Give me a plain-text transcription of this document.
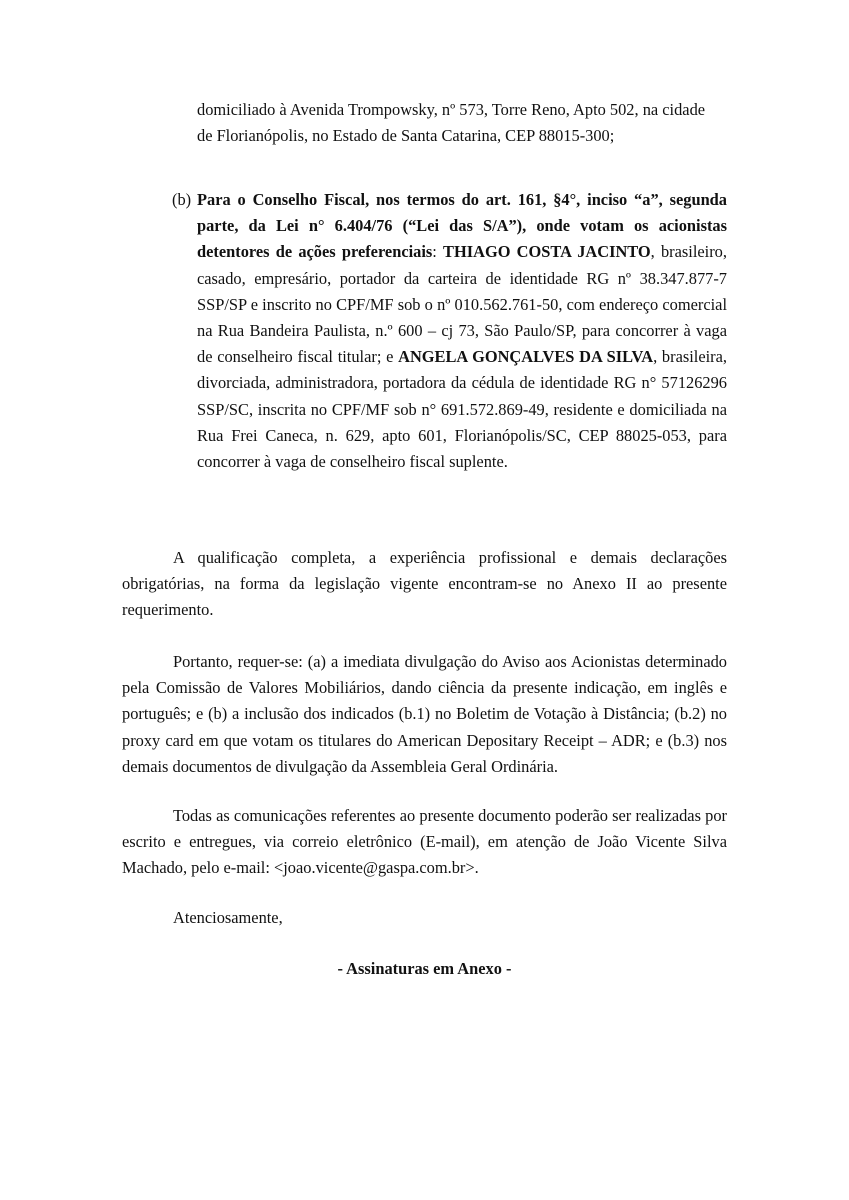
domiciliado à Avenida Trompowsky, nº 573, Torre Reno, Apto 502, na cidade

de Florianópolis, no Estado de Santa Catarina, CEP 88015-300;

(b) Para o Conselho Fiscal, nos termos do art. 161, §4°, inciso “a”, segunda parte, da Lei n° 6.404/76 (“Lei das S/A”), onde votam os acionistas detentores de ações preferenciais: THIAGO COSTA JACINTO, brasileiro, casado, empresário, portador da carteira de identidade RG nº 38.347.877-7 SSP/SP e inscrito no CPF/MF sob o nº 010.562.761-50, com endereço comercial na Rua Bandeira Paulista, n.º 600 – cj 73, São Paulo/SP, para concorrer à vaga de conselheiro fiscal titular; e ANGELA GONÇALVES DA SILVA, brasileira, divorciada, administradora, portadora da cédula de identidade RG n° 57126296 SSP/SC, inscrita no CPF/MF sob n° 691.572.869-49, residente e domiciliada na Rua Frei Caneca, n. 629, apto 601, Florianópolis/SC, CEP 88025-053, para concorrer à vaga de conselheiro fiscal suplente.

A qualificação completa, a experiência profissional e demais declarações obrigatórias, na forma da legislação vigente encontram-se no Anexo II ao presente requerimento.

Portanto, requer-se: (a) a imediata divulgação do Aviso aos Acionistas determinado pela Comissão de Valores Mobiliários, dando ciência da presente indicação, em inglês e português; e (b) a inclusão dos indicados (b.1) no Boletim de Votação à Distância; (b.2) no proxy card em que votam os titulares do American Depositary Receipt – ADR; e (b.3) nos demais documentos de divulgação da Assembleia Geral Ordinária.

Todas as comunicações referentes ao presente documento poderão ser realizadas por escrito e entregues, via correio eletrônico (E-mail), em atenção de João Vicente Silva Machado, pelo e-mail: <joao.vicente@gaspa.com.br>.

Atenciosamente,

- Assinaturas em Anexo -
